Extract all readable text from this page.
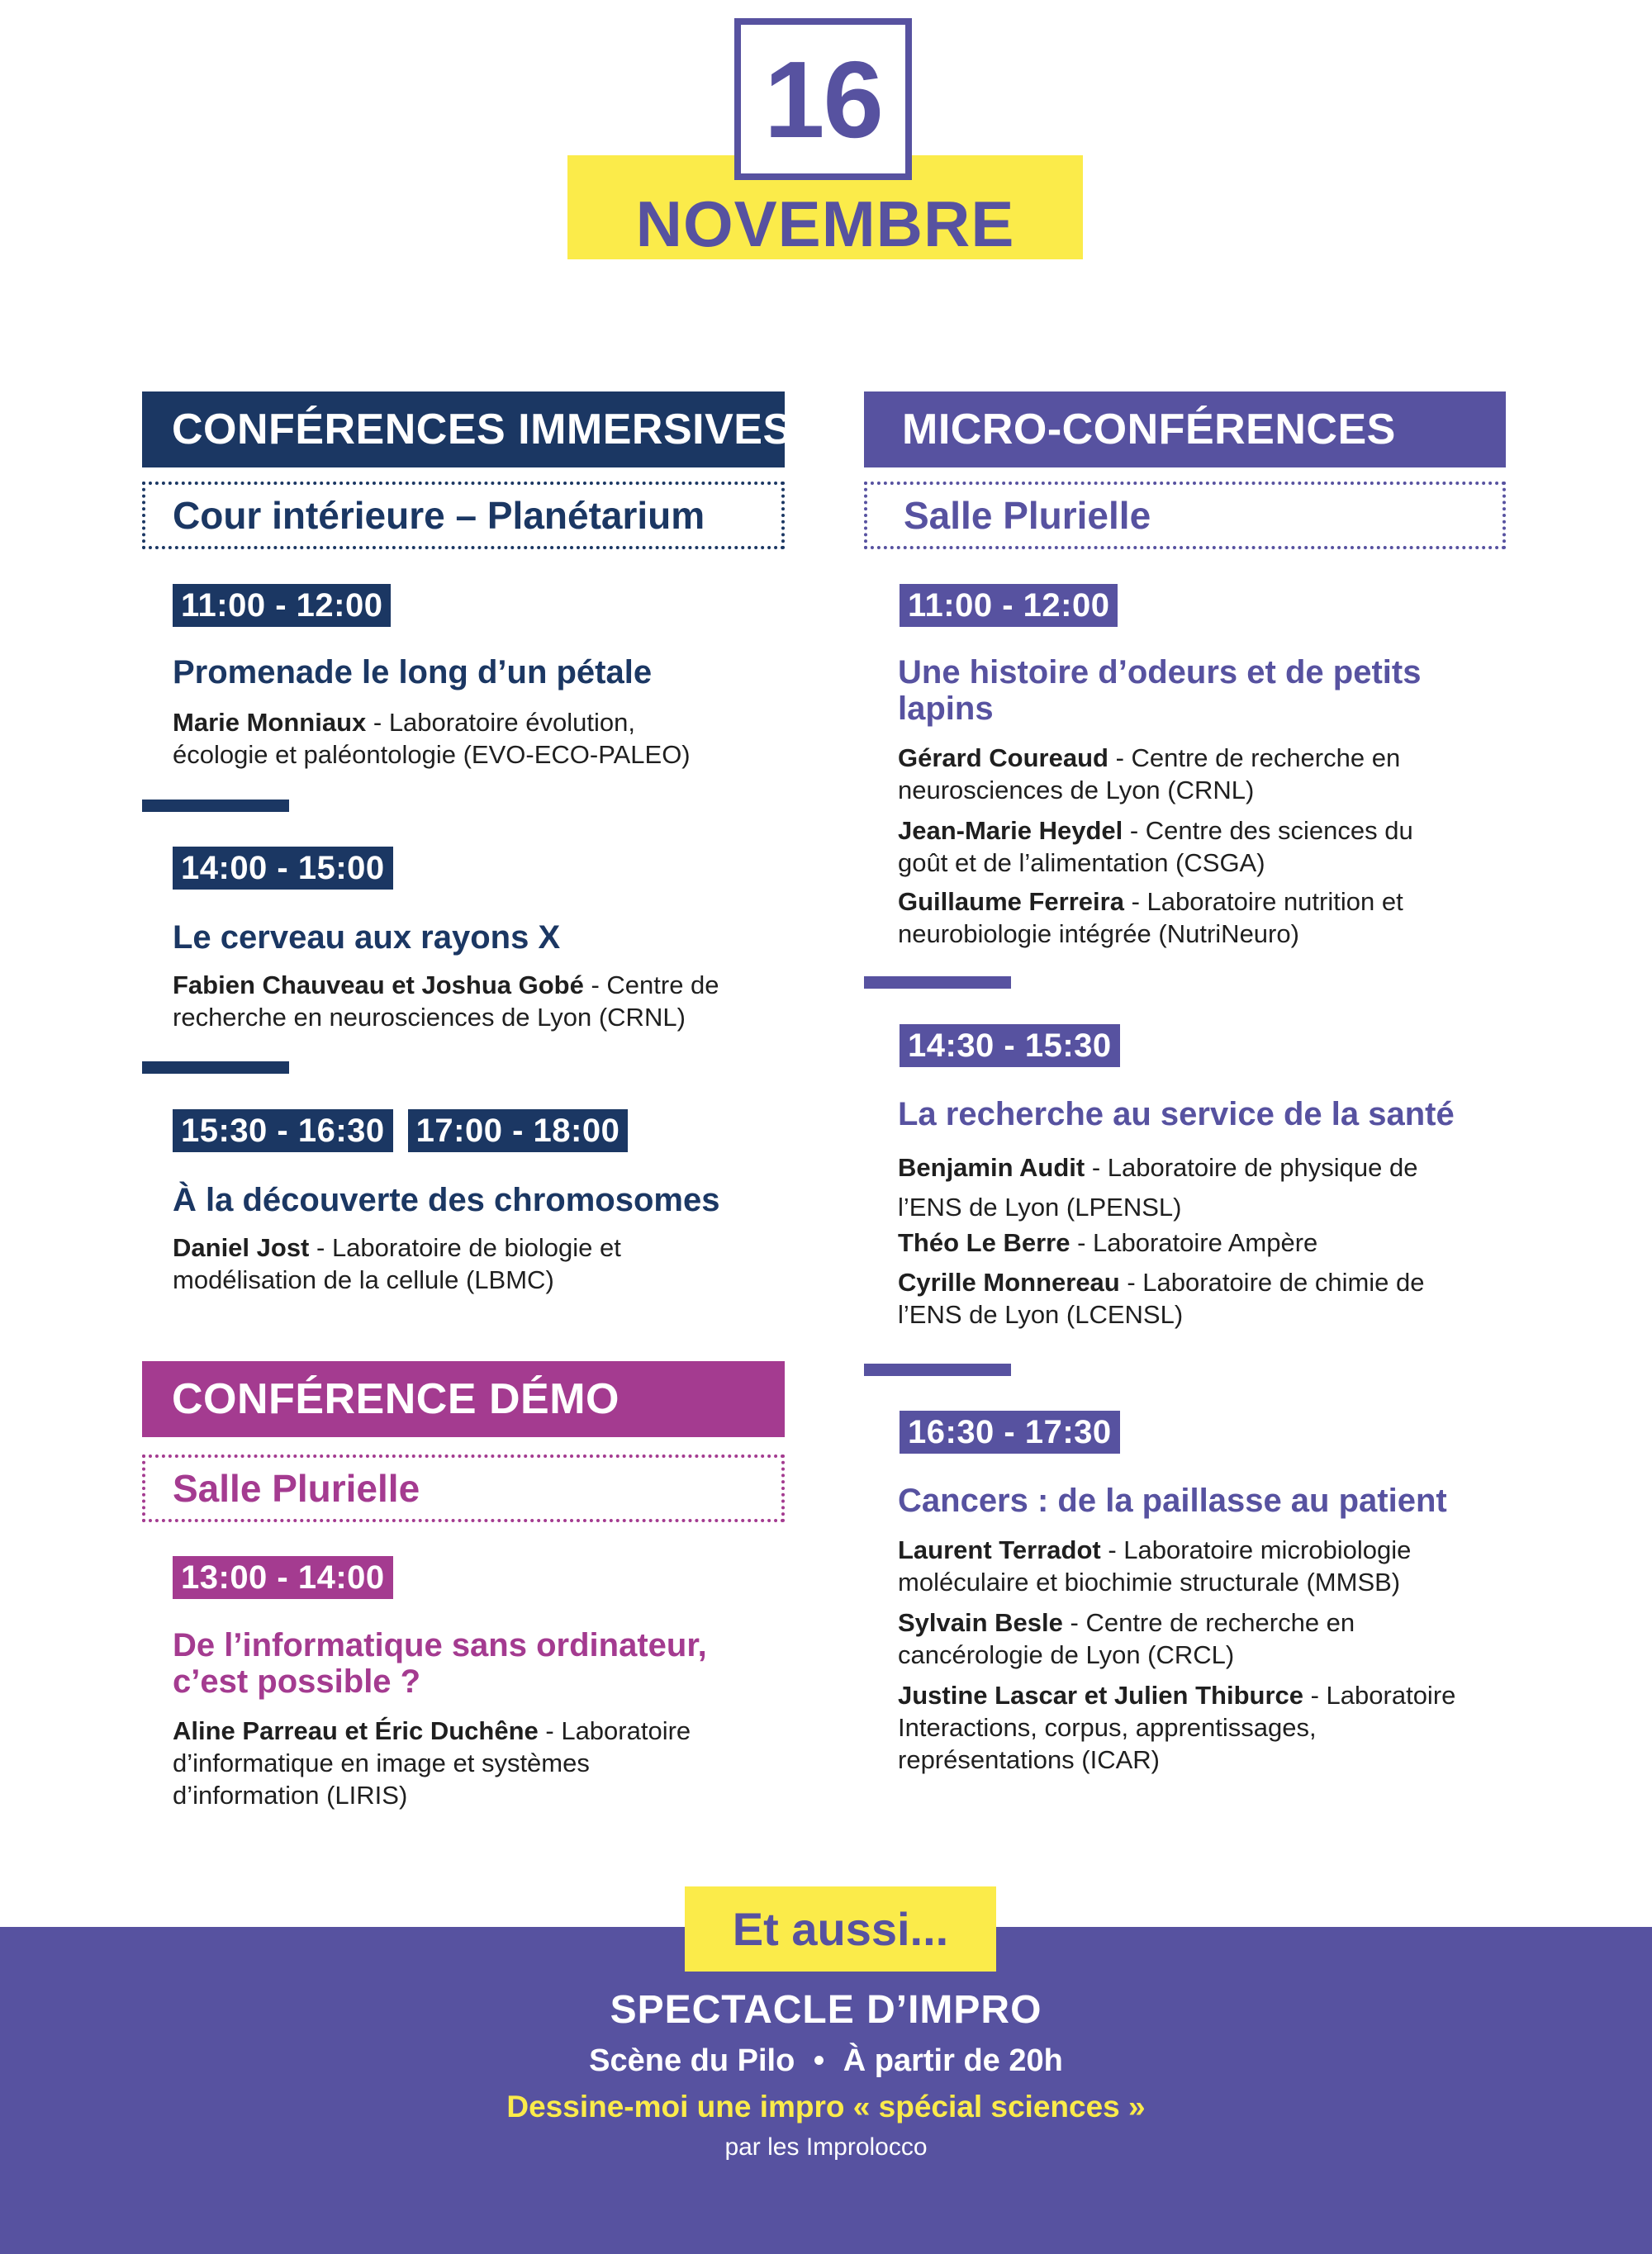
16
NOVEMBRE
CONFÉRENCES IMMERSIVES
Cour intérieure – Planétarium
11:00 - 12:00
Promenade le long d’un pétale
Marie Monniaux - Laboratoire évolution,
écologie et paléontologie (EVO-ECO-PALEO)
14:00 - 15:00
Le cerveau aux rayons X
Fabien Chauveau et Joshua Gobé - Centre de
recherche en neurosciences de Lyon (CRNL)
15:30 - 16:30 17:00 - 18:00
À la découverte des chromosomes
Daniel Jost - Laboratoire de biologie et
modélisation de la cellule (LBMC)
CONFÉRENCE DÉMO
Salle Plurielle
13:00 - 14:00
De l’informatique sans ordinateur,
c’est possible ?
Aline Parreau et Éric Duchêne - Laboratoire
d’informatique en image et systèmes
d’information (LIRIS)
MICRO-CONFÉRENCES
Salle Plurielle
11:00 - 12:00
Une histoire d’odeurs et de petits
lapins
Gérard Coureaud - Centre de recherche en
neurosciences de Lyon (CRNL)
Jean-Marie Heydel - Centre des sciences du
goût et de l’alimentation (CSGA)
Guillaume Ferreira - Laboratoire nutrition et
neurobiologie intégrée (NutriNeuro)
14:30 - 15:30
La recherche au service de la santé
Benjamin Audit - Laboratoire de physique de
l’ENS de Lyon (LPENSL)
Théo Le Berre - Laboratoire Ampère
Cyrille Monnereau - Laboratoire de chimie de
l’ENS de Lyon (LCENSL)
16:30 - 17:30
Cancers : de la paillasse au patient
Laurent Terradot - Laboratoire microbiologie
moléculaire et biochimie structurale (MMSB)
Sylvain Besle - Centre de recherche en
cancérologie de Lyon (CRCL)
Justine Lascar et Julien Thiburce - Laboratoire
Interactions, corpus, apprentissages,
représentations (ICAR)
Et aussi...
SPECTACLE D’IMPRO
Scène du Pilo • À partir de 20h
Dessine-moi une impro « spécial sciences »
par les Improlocco
